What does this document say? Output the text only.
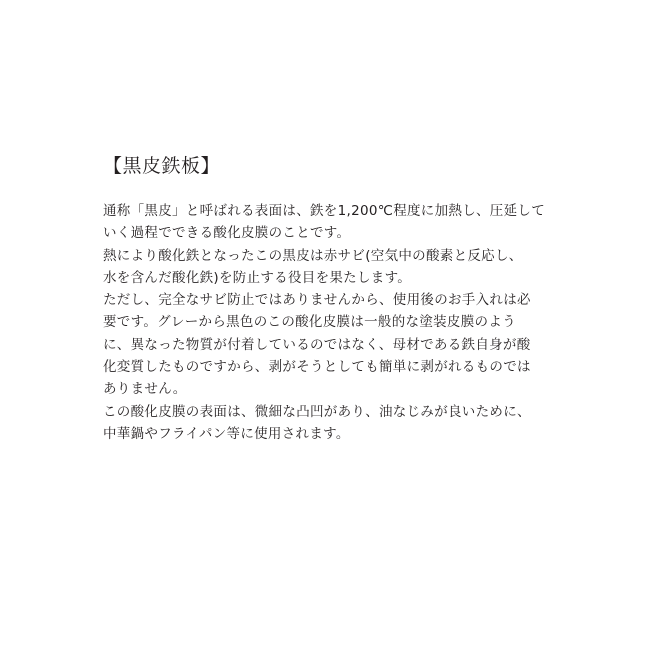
【黒皮鉄板】

通称「黒皮」と呼ばれる表面は、鉄を1,200℃程度に加熱し、圧延して
いく過程でできる酸化皮膜のことです。

熱により酸化鉄となったこの黒皮は赤サビ(空気中の酸素と反応し、
水を含んだ酸化鉄)を防止する役目を果たします。

ただし、完全なサビ防止ではありませんから、使用後のお手入れは必
要です。グレーから黒色のこの酸化皮膜は一般的な塗装皮膜のよう
に、異なった物質が付着しているのではなく、母材である鉄自身が酸
化変質したものですから、剥がそうとしても簡単に剥がれるものでは
ありません。

この酸化皮膜の表面は、微細な凸凹があり、油なじみが良いために、
中華鍋やフライパン等に使用されます。
